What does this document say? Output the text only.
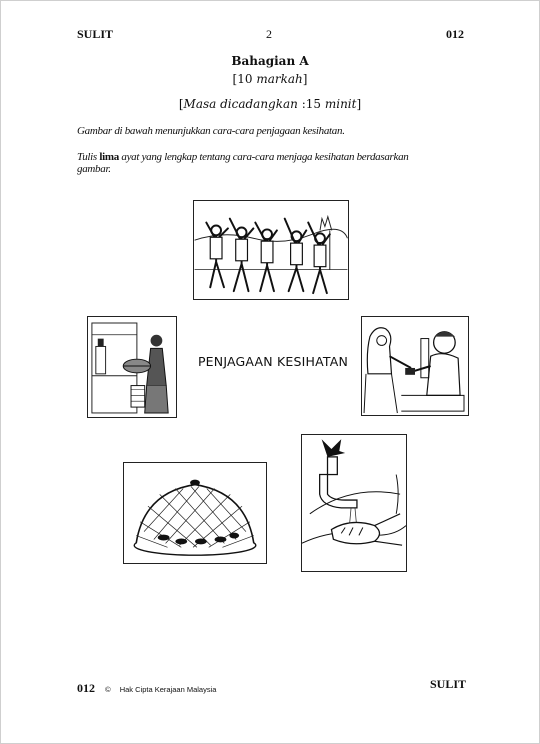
SULIT	2	012
Bahagian A
[10 markah]
[Masa dicadangkan :15 minit]
Gambar di bawah menunjukkan cara-cara penjagaan kesihatan.
Tulis lima ayat yang lengkap tentang cara-cara menjaga kesihatan berdasarkan
gambar.
PENJAGAAN KESIHATAN
012 © Hak Cipta Kerajaan Malaysia	SULIT
